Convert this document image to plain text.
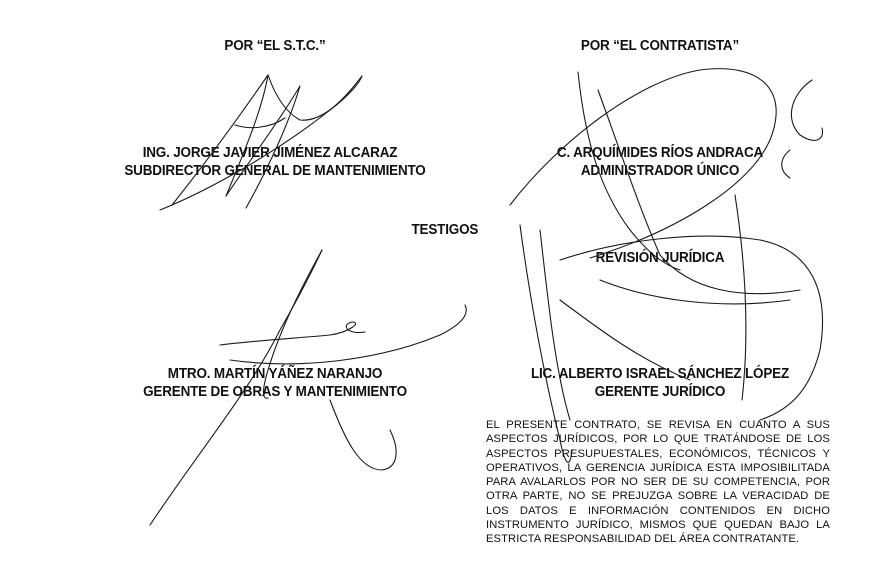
POR “EL S.T.C.”
ING. JORGE JAVIER JIMÉNEZ ALCARAZ
SUBDIRECTOR GENERAL DE MANTENIMIENTO
POR “EL CONTRATISTA”
C. ARQUÍMIDES RÍOS ANDRACA
ADMINISTRADOR ÚNICO
TESTIGOS
REVISIÓN JURÍDICA
MTRO. MARTÍN YÁÑEZ NARANJO
GERENTE DE OBRAS Y MANTENIMIENTO
LIC. ALBERTO ISRAEL SÁNCHEZ LÓPEZ
GERENTE JURÍDICO
EL PRESENTE CONTRATO, SE REVISA EN CUANTO A SUS ASPECTOS JURÍDICOS, POR LO QUE TRATÁNDOSE DE LOS ASPECTOS PRESUPUESTALES, ECONÓMICOS, TÉCNICOS Y OPERATIVOS, LA GERENCIA JURÍDICA ESTA IMPOSIBILITADA PARA AVALARLOS POR NO SER DE SU COMPETENCIA, POR OTRA PARTE, NO SE PREJUZGA SOBRE LA VERACIDAD DE LOS DATOS E INFORMACIÓN CONTENIDOS EN DICHO INSTRUMENTO JURÍDICO, MISMOS QUE QUEDAN BAJO LA ESTRICTA RESPONSABILIDAD DEL ÁREA CONTRATANTE.
